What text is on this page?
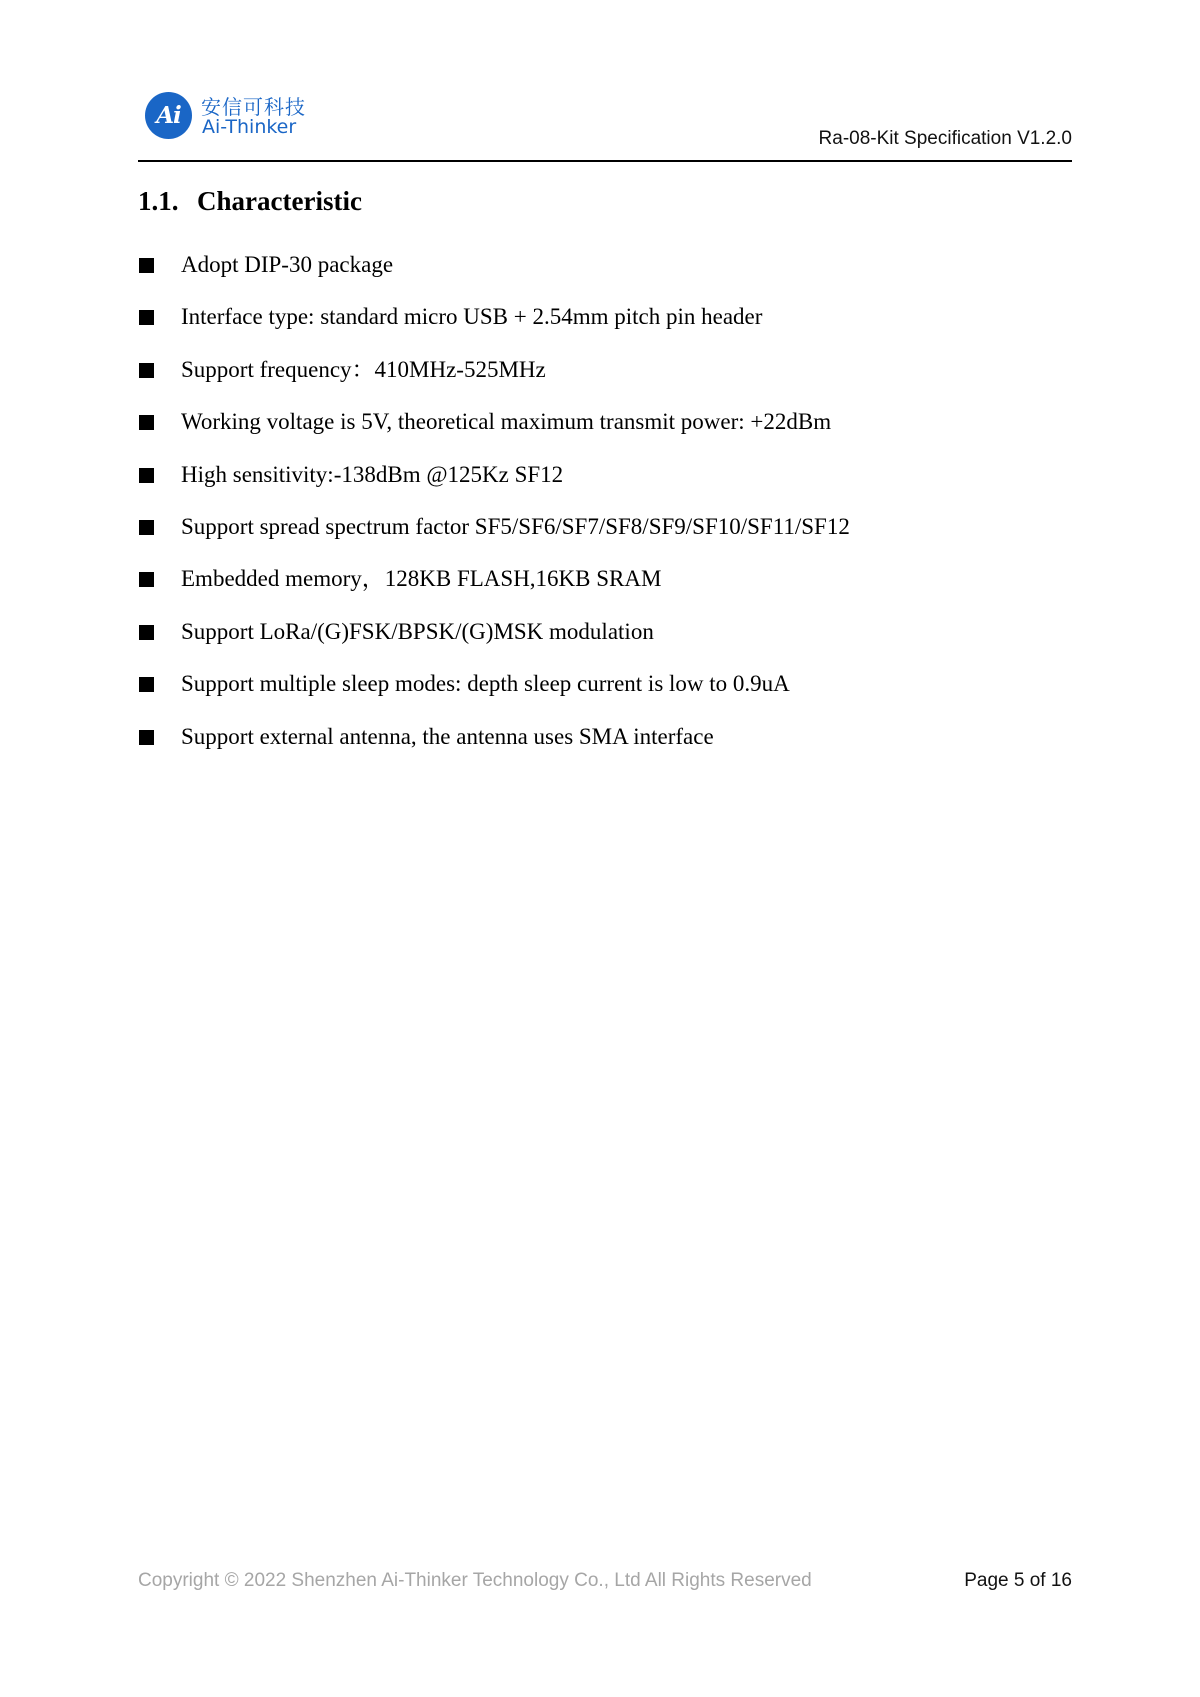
Ai	安信可科技
Ai-Thinker
Ra-08-Kit Specification V1.2.0
1.1. Characteristic
Adopt DIP-30 package
Interface type: standard micro USB + 2.54mm pitch pin header
Support frequency：410MHz-525MHz
Working voltage is 5V, theoretical maximum transmit power: +22dBm
High sensitivity:-138dBm @125Kz SF12
Support spread spectrum factor SF5/SF6/SF7/SF8/SF9/SF10/SF11/SF12
Embedded memory，128KB FLASH,16KB SRAM
Support LoRa/(G)FSK/BPSK/(G)MSK modulation
Support multiple sleep modes: depth sleep current is low to 0.9uA
Support external antenna, the antenna uses SMA interface
Copyright © 2022 Shenzhen Ai-Thinker Technology Co., Ltd All Rights Reserved	Page 5 of 16
